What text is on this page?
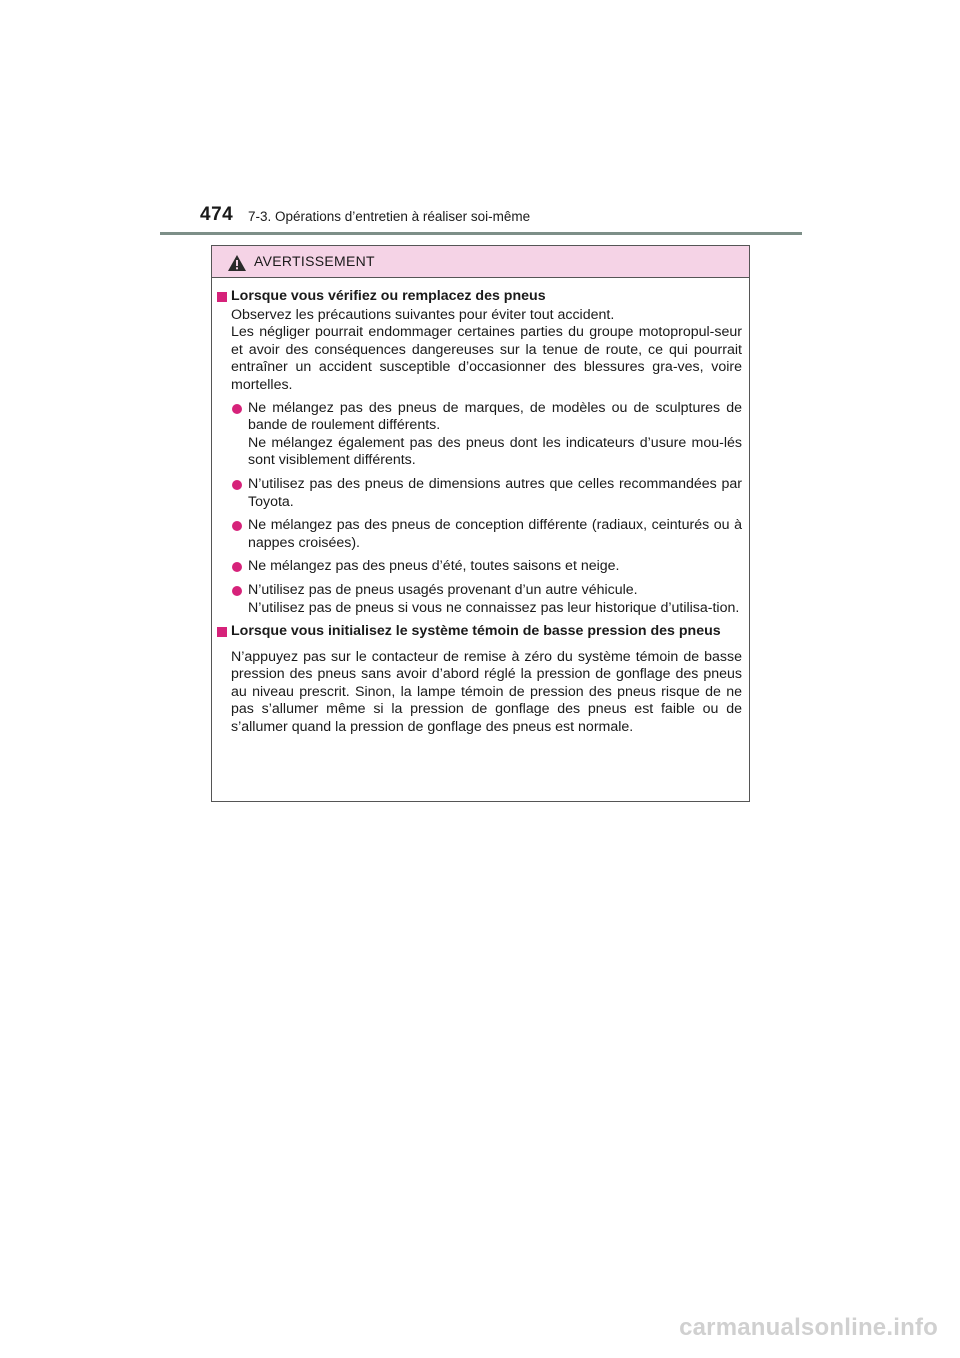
474 7-3. Opérations d’entretien à réaliser soi-même
AVERTISSEMENT
Lorsque vous vérifiez ou remplacez des pneus
Observez les précautions suivantes pour éviter tout accident.
Les négliger pourrait endommager certaines parties du groupe motopropul-seur et avoir des conséquences dangereuses sur la tenue de route, ce qui pourrait entraîner un accident susceptible d’occasionner des blessures gra-ves, voire mortelles.
Ne mélangez pas des pneus de marques, de modèles ou de sculptures de bande de roulement différents.
Ne mélangez également pas des pneus dont les indicateurs d’usure mou-lés sont visiblement différents.
N’utilisez pas des pneus de dimensions autres que celles recommandées par Toyota.
Ne mélangez pas des pneus de conception différente (radiaux, ceinturés ou à nappes croisées).
Ne mélangez pas des pneus d’été, toutes saisons et neige.
N’utilisez pas de pneus usagés provenant d’un autre véhicule.
N’utilisez pas de pneus si vous ne connaissez pas leur historique d’utilisa-tion.
Lorsque vous initialisez le système témoin de basse pression des pneus
N’appuyez pas sur le contacteur de remise à zéro du système témoin de basse pression des pneus sans avoir d’abord réglé la pression de gonflage des pneus au niveau prescrit. Sinon, la lampe témoin de pression des pneus risque de ne pas s’allumer même si la pression de gonflage des pneus est faible ou de s’allumer quand la pression de gonflage des pneus est normale.
carmanualsonline.info
